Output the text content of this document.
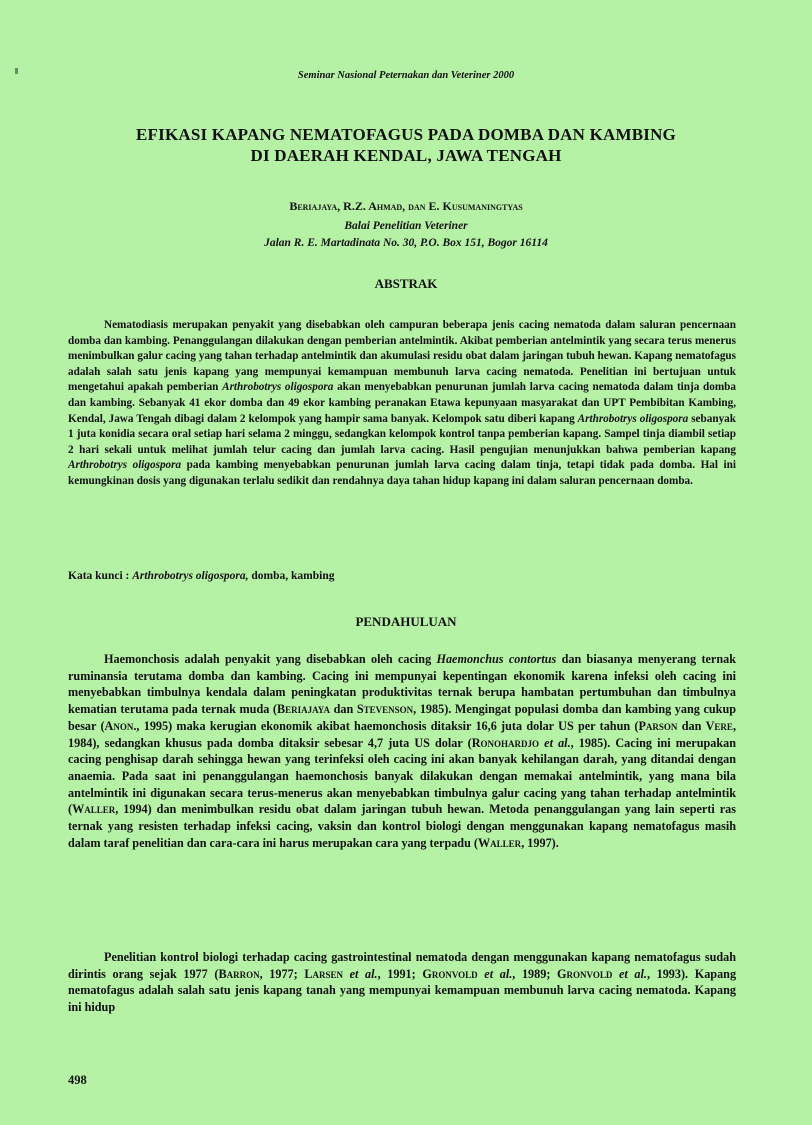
Seminar Nasional Peternakan dan Veteriner 2000
EFIKASI KAPANG NEMATOFAGUS PADA DOMBA DAN KAMBING
DI DAERAH KENDAL, JAWA TENGAH
Beriajaya, R.Z. Ahmad, dan E. Kusumaningtyas
Balai Penelitian Veteriner
Jalan R. E. Martadinata No. 30, P.O. Box 151, Bogor 16114
ABSTRAK

Nematodiasis merupakan penyakit yang disebabkan oleh campuran beberapa jenis cacing nematoda dalam saluran pencernaan domba dan kambing. Penanggulangan dilakukan dengan pemberian antelmintik. Akibat pemberian antelmintik yang secara terus menerus menimbulkan galur cacing yang tahan terhadap antelmintik dan akumulasi residu obat dalam jaringan tubuh hewan. Kapang nematofagus adalah salah satu jenis kapang yang mempunyai kemampuan membunuh larva cacing nematoda. Penelitian ini bertujuan untuk mengetahui apakah pemberian Arthrobotrys oligospora akan menyebabkan penurunan jumlah larva cacing nematoda dalam tinja domba dan kambing. Sebanyak 41 ekor domba dan 49 ekor kambing peranakan Etawa kepunyaan masyarakat dan UPT Pembibitan Kambing, Kendal, Jawa Tengah dibagi dalam 2 kelompok yang hampir sama banyak. Kelompok satu diberi kapang Arthrobotrys oligospora sebanyak 1 juta konidia secara oral setiap hari selama 2 minggu, sedangkan kelompok kontrol tanpa pemberian kapang. Sampel tinja diambil setiap 2 hari sekali untuk melihat jumlah telur cacing dan jumlah larva cacing. Hasil pengujian menunjukkan bahwa pemberian kapang Arthrobotrys oligospora pada kambing menyebabkan penurunan jumlah larva cacing dalam tinja, tetapi tidak pada domba. Hal ini kemungkinan dosis yang digunakan terlalu sedikit dan rendahnya daya tahan hidup kapang ini dalam saluran pencernaan domba.

Kata kunci : Arthrobotrys oligospora, domba, kambing
PENDAHULUAN

Haemonchosis adalah penyakit yang disebabkan oleh cacing Haemonchus contortus dan biasanya menyerang ternak ruminansia terutama domba dan kambing. Cacing ini mempunyai kepentingan ekonomik karena infeksi oleh cacing ini menyebabkan timbulnya kendala dalam peningkatan produktivitas ternak berupa hambatan pertumbuhan dan timbulnya kematian terutama pada ternak muda (Beriajaya dan Stevenson, 1985). Mengingat populasi domba dan kambing yang cukup besar (Anon., 1995) maka kerugian ekonomik akibat haemonchosis ditaksir 16,6 juta dolar US per tahun (Parson dan Vere, 1984), sedangkan khusus pada domba ditaksir sebesar 4,7 juta US dolar (Ronohardjo et al., 1985). Cacing ini merupakan cacing penghisap darah sehingga hewan yang terinfeksi oleh cacing ini akan banyak kehilangan darah, yang ditandai dengan anaemia. Pada saat ini penanggulangan haemonchosis banyak dilakukan dengan memakai antelmintik, yang mana bila antelmintik ini digunakan secara terus-menerus akan menyebabkan timbulnya galur cacing yang tahan terhadap antelmintik (Waller, 1994) dan menimbulkan residu obat dalam jaringan tubuh hewan. Metoda penanggulangan yang lain seperti ras ternak yang resisten terhadap infeksi cacing, vaksin dan kontrol biologi dengan menggunakan kapang nematofagus masih dalam taraf penelitian dan cara-cara ini harus merupakan cara yang terpadu (Waller, 1997).

Penelitian kontrol biologi terhadap cacing gastrointestinal nematoda dengan menggunakan kapang nematofagus sudah dirintis orang sejak 1977 (Barron, 1977; Larsen et al., 1991; Gronvold et al., 1989; Gronvold et al., 1993). Kapang nematofagus adalah salah satu jenis kapang tanah yang mempunyai kemampuan membunuh larva cacing nematoda. Kapang ini hidup

498
